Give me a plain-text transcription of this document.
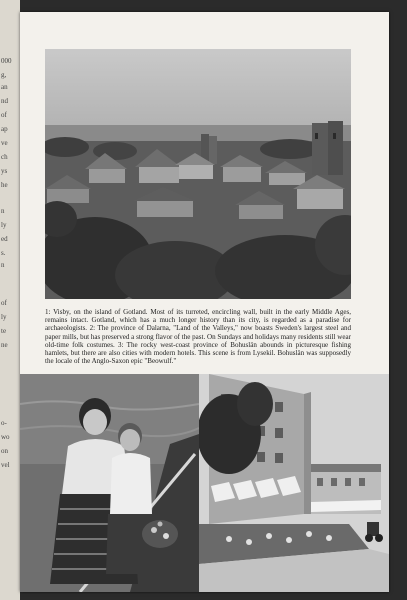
000
g,
an
nd
of
ap
ve
ch
ys
he
n
ly
ed
s.
n
of
ly
te
ne
o-
wo
on
vel

1: Visby, on the island of Gotland. Most of its turreted, encircling wall, built in the early Middle Ages, remains intact. Gotland, which has a much longer history than its city, is regarded as a paradise for archaeologists. 2: The province of Dalarna, "Land of the Valleys," now boasts Sweden's largest steel and paper mills, but has preserved a strong flavor of the past. On Sundays and holidays many residents still wear old-time folk costumes. 3: The rocky west-coast province of Bohuslän abounds in picturesque fishing hamlets, but there are also cities with modern hotels. This scene is from Lysekil. Bohuslän was supposedly the locale of the Anglo-Saxon epic "Beowulf."
